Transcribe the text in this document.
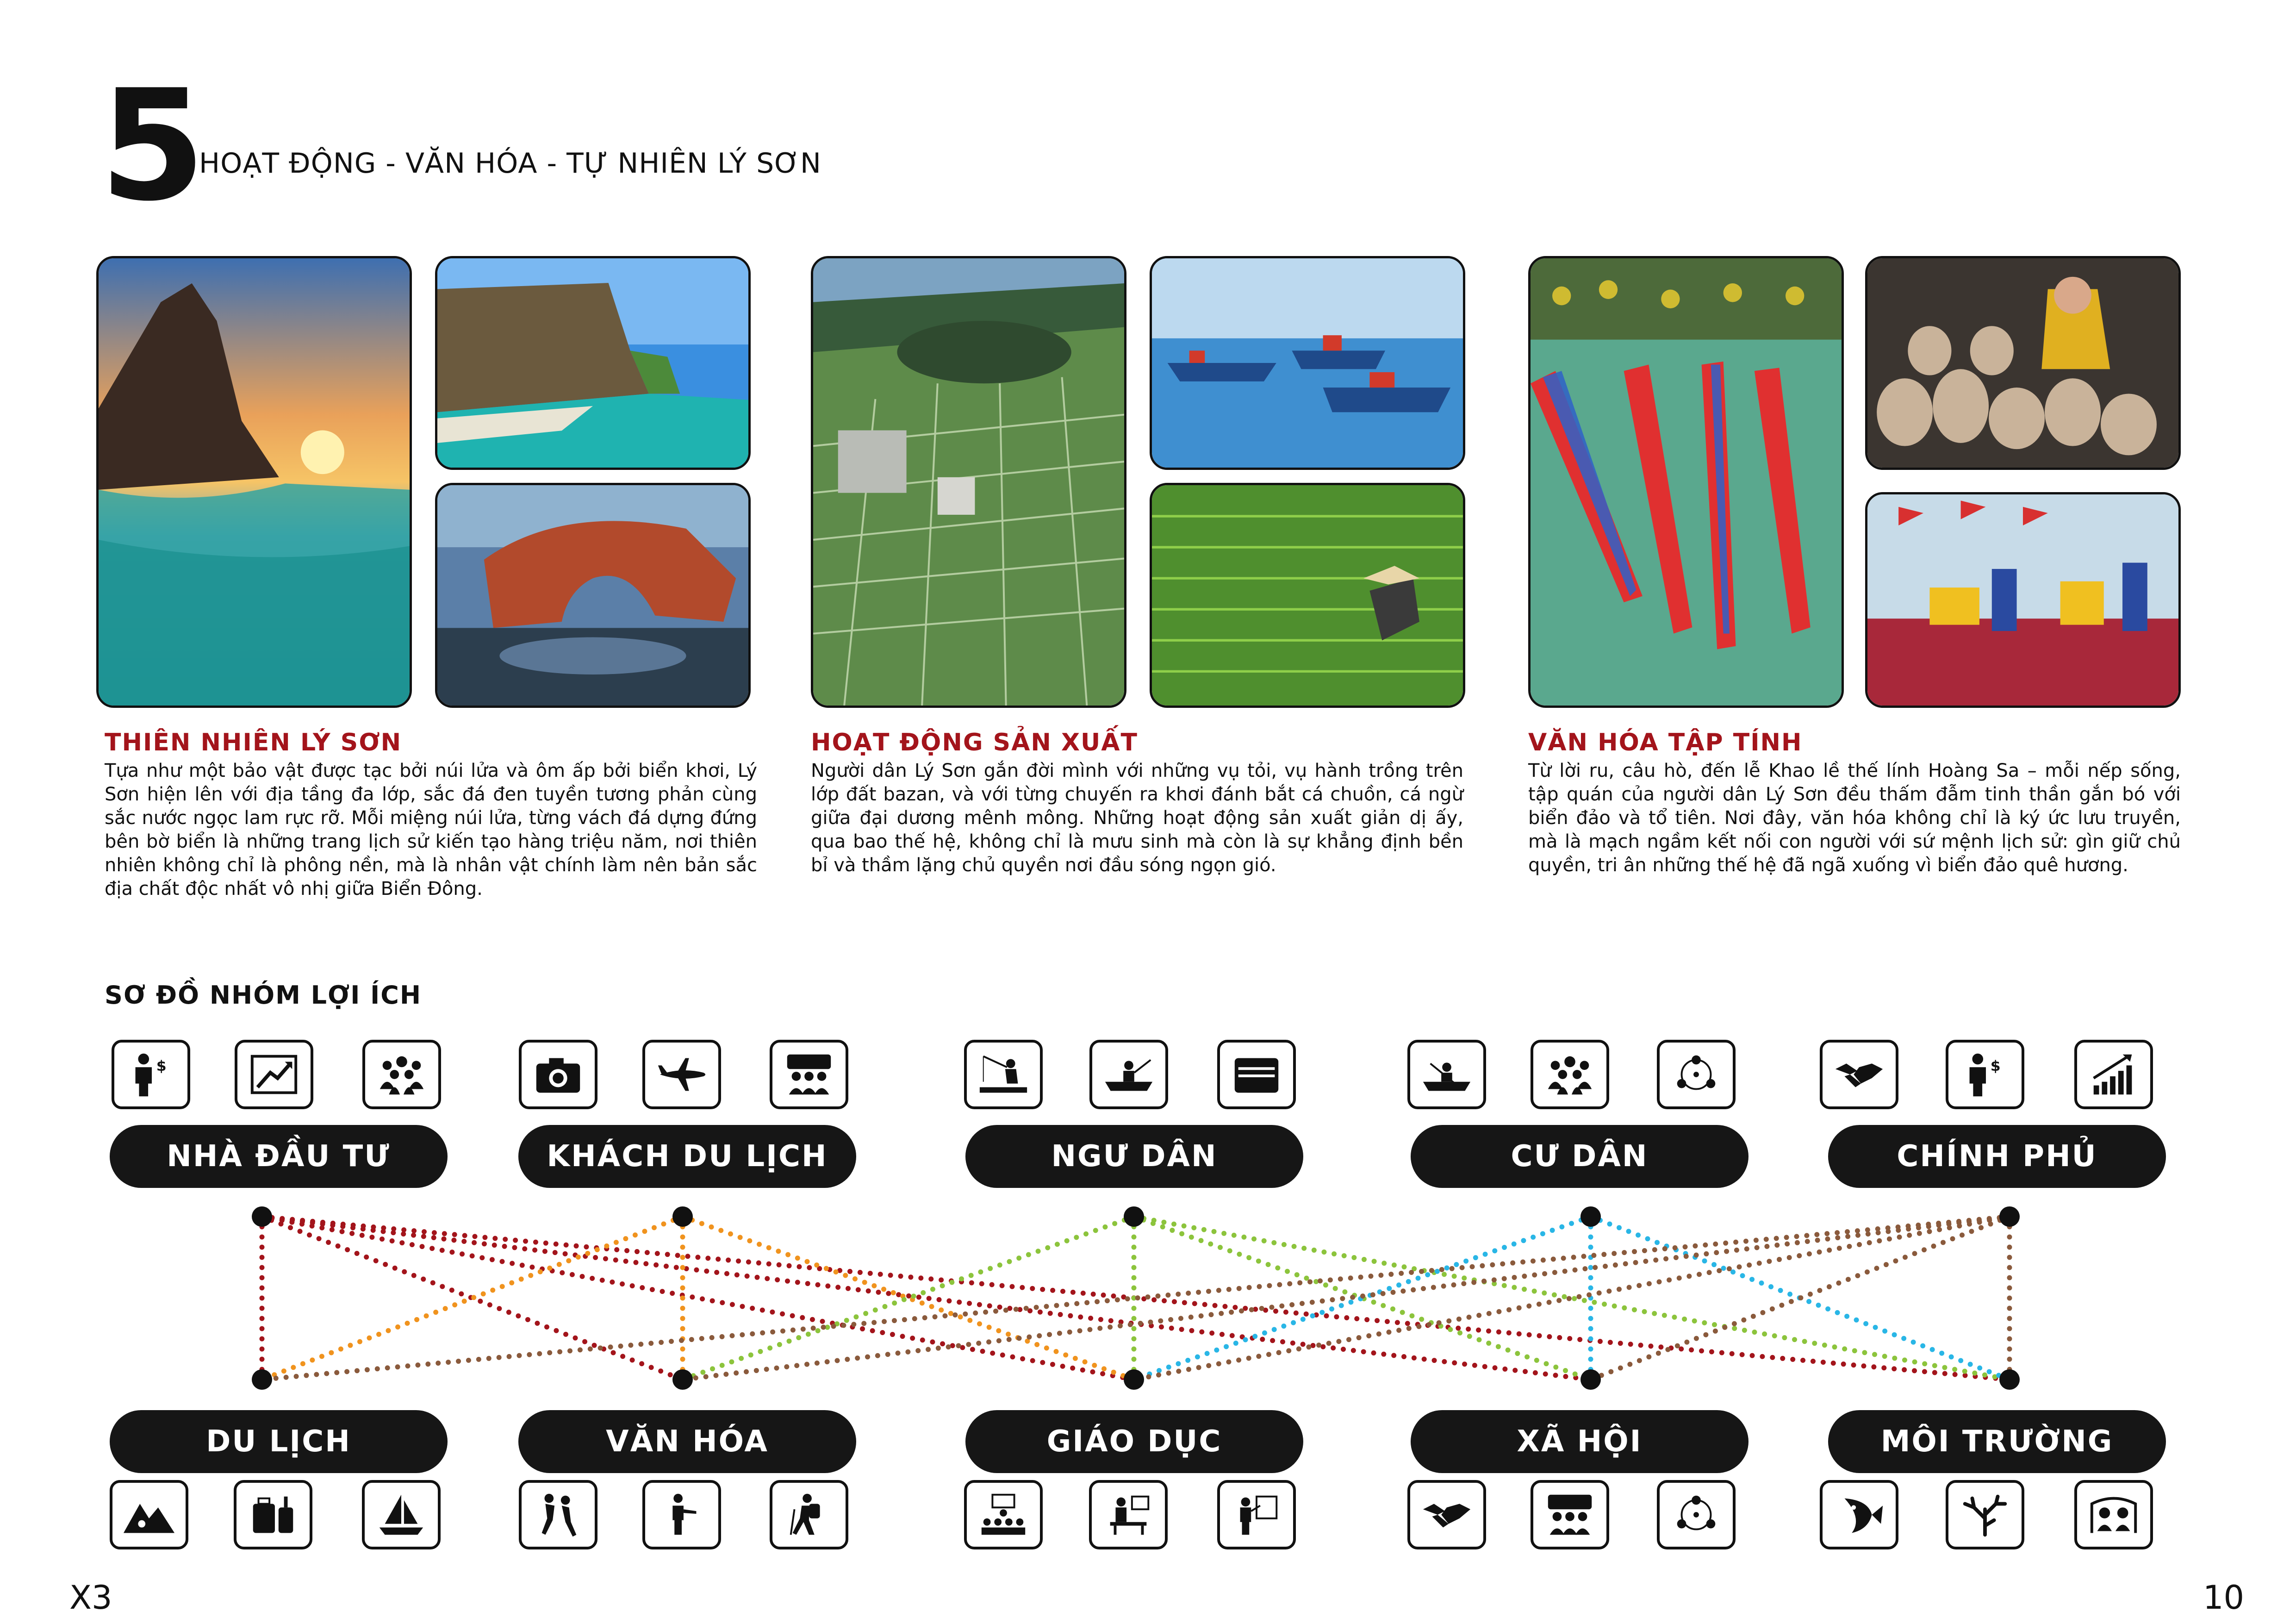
5
HOẠT ĐỘNG - VĂN HÓA - TỰ NHIÊN LÝ SƠN
THIÊN NHIÊN LÝ SƠN
Tựa như một bảo vật được tạc bởi núi lửa và ôm ấp bởi biển khơi, Lý Sơn hiện lên với địa tầng đa lớp, sắc đá đen tuyền tương phản cùng sắc nước ngọc lam rực rỡ. Mỗi miệng núi lửa, từng vách đá dựng đứng bên bờ biển là những trang lịch sử kiến tạo hàng triệu năm, nơi thiên nhiên không chỉ là phông nền, mà là nhân vật chính làm nên bản sắc địa chất độc nhất vô nhị giữa Biển Đông.
HOẠT ĐỘNG SẢN XUẤT
Người dân Lý Sơn gắn đời mình với những vụ tỏi, vụ hành trồng trên lớp đất bazan, và với từng chuyến ra khơi đánh bắt cá chuồn, cá ngừ giữa đại dương mênh mông. Những hoạt động sản xuất giản dị ấy, qua bao thế hệ, không chỉ là mưu sinh mà còn là sự khẳng định bền bỉ và thầm lặng chủ quyền nơi đầu sóng ngọn gió.
VĂN HÓA TẬP TÍNH
Từ lời ru, câu hò, đến lễ Khao lề thế lính Hoàng Sa – mỗi nếp sống, tập quán của người dân Lý Sơn đều thấm đẫm tinh thần gắn bó với biển đảo và tổ tiên. Nơi đây, văn hóa không chỉ là ký ức lưu truyền, mà là mạch ngầm kết nối con người với sứ mệnh lịch sử: gìn giữ chủ quyền, tri ân những thế hệ đã ngã xuống vì biển đảo quê hương.
SƠ ĐỒ NHÓM LỢI ÍCH
NHÀ ĐẦU TƯ	KHÁCH DU LỊCH	NGƯ DÂN	CƯ DÂN	CHÍNH PHỦ
DU LỊCH	VĂN HÓA	GIÁO DỤC	XÃ HỘI	MÔI TRƯỜNG
$	$
X3	10
